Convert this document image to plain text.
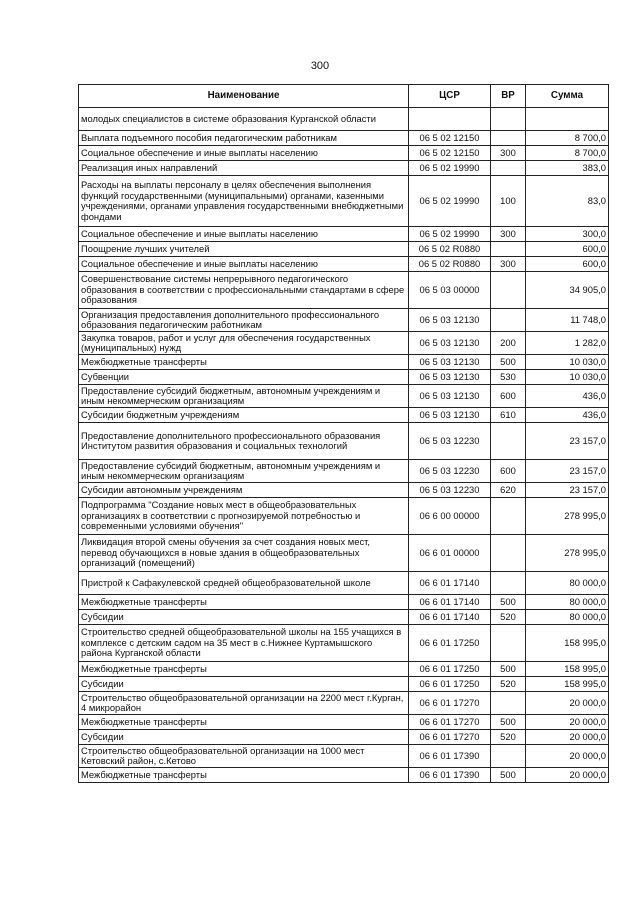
300
Наименование	ЦСР	ВР	Сумма
молодых специалистов в системе образования Курганской области			
Выплата подъемного пособия педагогическим работникам	06 5 02 12150		8 700,0
Социальное обеспечение и иные выплаты населению	06 5 02 12150	300	8 700,0
Реализация иных направлений	06 5 02 19990		383,0
Расходы на выплаты персоналу в целях обеспечения выполнения функций государственными (муниципальными) органами, казенными учреждениями, органами управления государственными внебюджетными фондами	06 5 02 19990	100	83,0
Социальное обеспечение и иные выплаты населению	06 5 02 19990	300	300,0
Поощрение лучших учителей	06 5 02 R0880		600,0
Социальное обеспечение и иные выплаты населению	06 5 02 R0880	300	600,0
Совершенствование системы непрерывного педагогического образования в соответствии с профессиональными стандартами в сфере образования	06 5 03 00000		34 905,0
Организация предоставления дополнительного профессионального образования педагогическим работникам	06 5 03 12130		11 748,0
Закупка товаров, работ и услуг для обеспечения государственных (муниципальных) нужд	06 5 03 12130	200	1 282,0
Межбюджетные трансферты	06 5 03 12130	500	10 030,0
Субвенции	06 5 03 12130	530	10 030,0
Предоставление субсидий бюджетным, автономным учреждениям и иным некоммерческим организациям	06 5 03 12130	600	436,0
Субсидии бюджетным учреждениям	06 5 03 12130	610	436,0
Предоставление дополнительного профессионального образования Институтом развития образования и социальных технологий	06 5 03 12230		23 157,0
Предоставление субсидий бюджетным, автономным учреждениям и иным некоммерческим организациям	06 5 03 12230	600	23 157,0
Субсидии автономным учреждениям	06 5 03 12230	620	23 157,0
Подпрограмма "Создание новых мест в общеобразовательных организациях в соответствии с прогнозируемой потребностью и современными условиями обучения"	06 6 00 00000		278 995,0
Ликвидация второй смены обучения за счет создания новых мест, перевод обучающихся в новые здания в общеобразовательных организаций (помещений)	06 6 01 00000		278 995,0
Пристрой к Сафакулевской средней общеобразовательной школе	06 6 01 17140		80 000,0
Межбюджетные трансферты	06 6 01 17140	500	80 000,0
Субсидии	06 6 01 17140	520	80 000,0
Строительство средней общеобразовательной школы на 155 учащихся в комплексе с детским садом на 35 мест в с.Нижнее Куртамышского района Курганской области	06 6 01 17250		158 995,0
Межбюджетные трансферты	06 6 01 17250	500	158 995,0
Субсидии	06 6 01 17250	520	158 995,0
Строительство общеобразовательной организации на 2200 мест г.Курган, 4 микрорайон	06 6 01 17270		20 000,0
Межбюджетные трансферты	06 6 01 17270	500	20 000,0
Субсидии	06 6 01 17270	520	20 000,0
Строительство общеобразовательной организации на 1000 мест Кетовский район, с.Кетово	06 6 01 17390		20 000,0
Межбюджетные трансферты	06 6 01 17390	500	20 000,0
